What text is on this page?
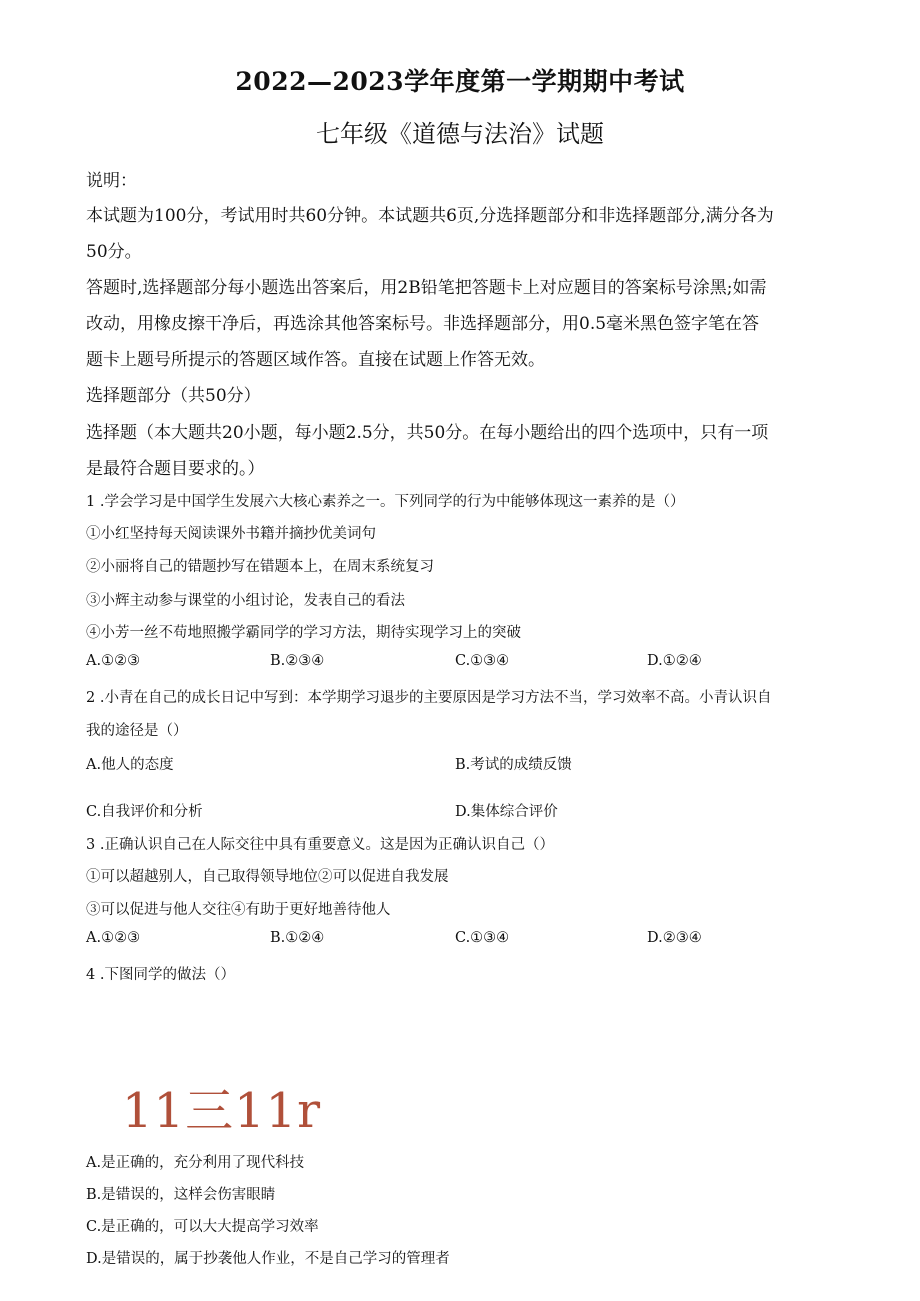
2022—2023学年度第一学期期中考试
七年级《道德与法治》试题
说明：
本试题为100分，考试用时共60分钟。本试题共6页,分选择题部分和非选择题部分,满分各为
50分。
答题时,选择题部分每小题选出答案后，用2B铅笔把答题卡上对应题目的答案标号涂黑;如需
改动，用橡皮擦干净后，再选涂其他答案标号。非选择题部分，用0.5毫米黑色签字笔在答
题卡上题号所提示的答题区域作答。直接在试题上作答无效。
选择题部分（共50分）
选择题（本大题共20小题，每小题2.5分，共50分。在每小题给出的四个选项中，只有一项
是最符合题目要求的。）
1 .学会学习是中国学生发展六大核心素养之一。下列同学的行为中能够体现这一素养的是（）
①小红坚持每天阅读课外书籍并摘抄优美词句
②小丽将自己的错题抄写在错题本上，在周末系统复习
③小辉主动参与课堂的小组讨论，发表自己的看法
④小芳一丝不苟地照搬学霸同学的学习方法，期待实现学习上的突破
A.①②③	B.②③④	C.①③④	D.①②④
2 .小青在自己的成长日记中写到：本学期学习退步的主要原因是学习方法不当，学习效率不高。小青认识自
我的途径是（）
A.他人的态度	B.考试的成绩反馈
C.自我评价和分析	D.集体综合评价
3 .正确认识自己在人际交往中具有重要意义。这是因为正确认识自己（）
①可以超越别人，自己取得领导地位②可以促进自我发展
③可以促进与他人交往④有助于更好地善待他人
A.①②③	B.①②④	C.①③④	D.②③④
4 .下图同学的做法（）
11三11r
A.是正确的，充分利用了现代科技
B.是错误的，这样会伤害眼睛
C.是正确的，可以大大提高学习效率
D.是错误的，属于抄袭他人作业，不是自己学习的管理者
